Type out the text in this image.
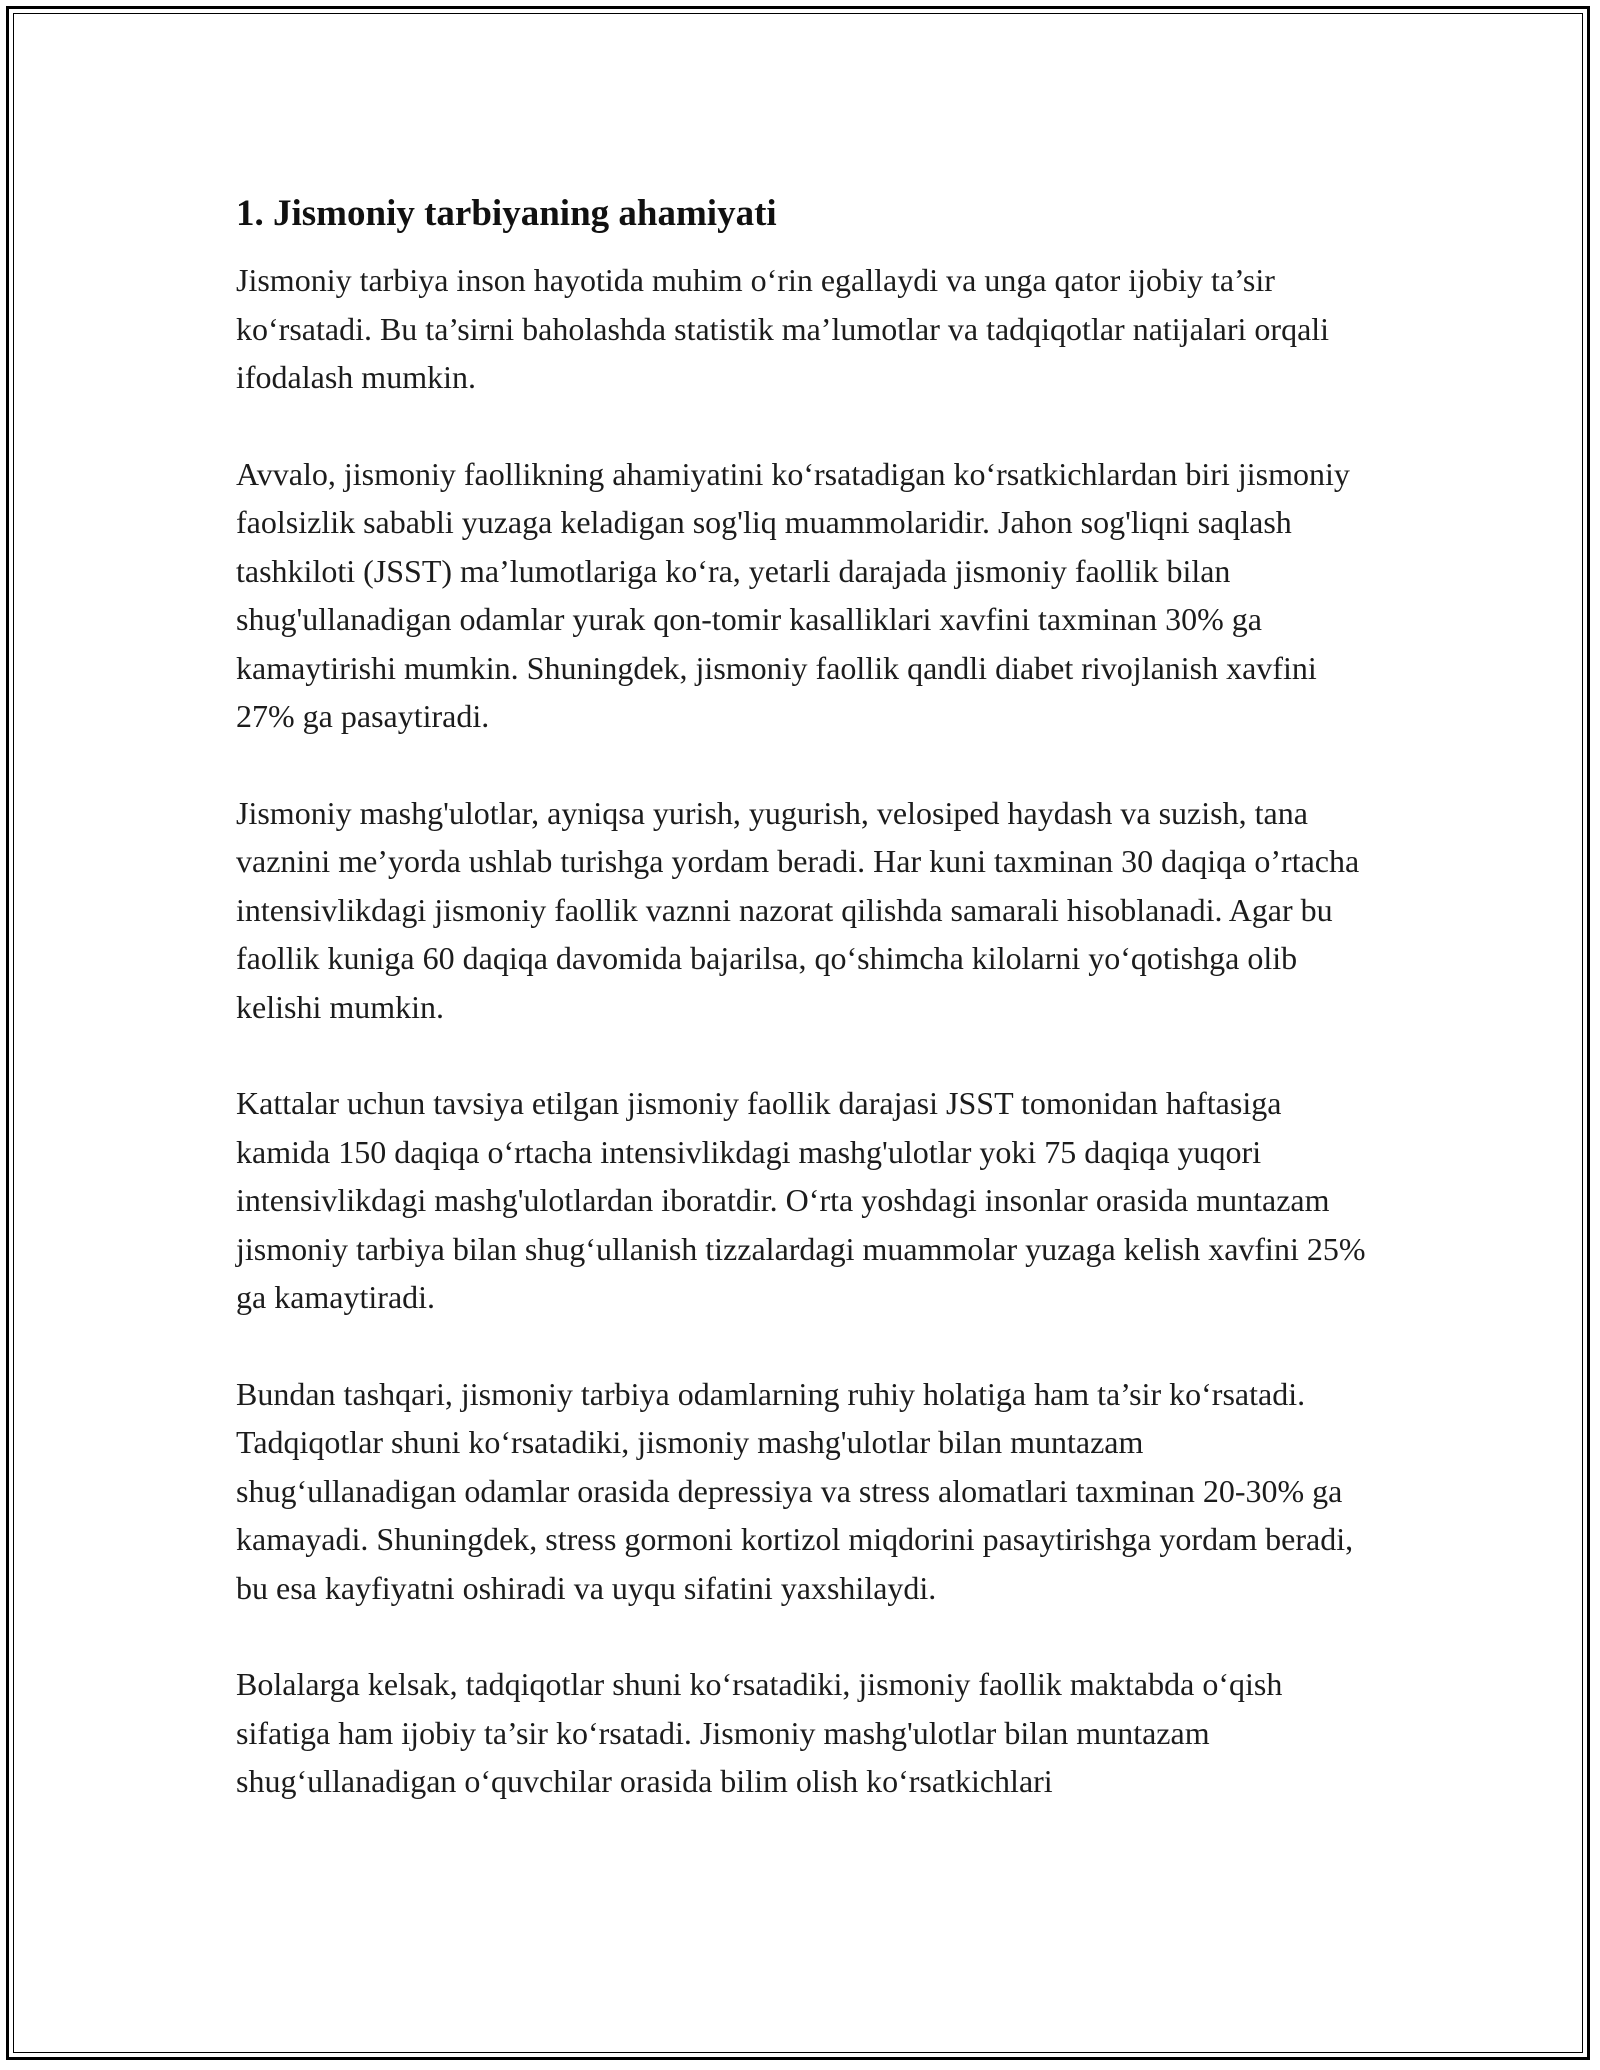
1. Jismoniy tarbiyaning ahamiyati

Jismoniy tarbiya inson hayotida muhim o‘rin egallaydi va unga qator ijobiy ta’sir ko‘rsatadi. Bu ta’sirni baholashda statistik ma’lumotlar va tadqiqotlar natijalari orqali ifodalash mumkin.

Avvalo, jismoniy faollikning ahamiyatini ko‘rsatadigan ko‘rsatkichlardan biri jismoniy faolsizlik sababli yuzaga keladigan sog'liq muammolaridir. Jahon sog'liqni saqlash tashkiloti (JSST) ma’lumotlariga ko‘ra, yetarli darajada jismoniy faollik bilan shug'ullanadigan odamlar yurak qon-tomir kasalliklari xavfini taxminan 30% ga kamaytirishi mumkin. Shuningdek, jismoniy faollik qandli diabet rivojlanish xavfini 27% ga pasaytiradi.

Jismoniy mashg'ulotlar, ayniqsa yurish, yugurish, velosiped haydash va suzish, tana vaznini me’yorda ushlab turishga yordam beradi. Har kuni taxminan 30 daqiqa o’rtacha intensivlikdagi jismoniy faollik vaznni nazorat qilishda samarali hisoblanadi. Agar bu faollik kuniga 60 daqiqa davomida bajarilsa, qo‘shimcha kilolarni yo‘qotishga olib kelishi mumkin.

Kattalar uchun tavsiya etilgan jismoniy faollik darajasi JSST tomonidan haftasiga kamida 150 daqiqa o‘rtacha intensivlikdagi mashg'ulotlar yoki 75 daqiqa yuqori intensivlikdagi mashg'ulotlardan iboratdir. O‘rta yoshdagi insonlar orasida muntazam jismoniy tarbiya bilan shug‘ullanish tizzalardagi muammolar yuzaga kelish xavfini 25% ga kamaytiradi.

Bundan tashqari, jismoniy tarbiya odamlarning ruhiy holatiga ham ta’sir ko‘rsatadi. Tadqiqotlar shuni ko‘rsatadiki, jismoniy mashg'ulotlar bilan muntazam shug‘ullanadigan odamlar orasida depressiya va stress alomatlari taxminan 20-30% ga kamayadi. Shuningdek, stress gormoni kortizol miqdorini pasaytirishga yordam beradi, bu esa kayfiyatni oshiradi va uyqu sifatini yaxshilaydi.

Bolalarga kelsak, tadqiqotlar shuni ko‘rsatadiki, jismoniy faollik maktabda o‘qish sifatiga ham ijobiy ta’sir ko‘rsatadi. Jismoniy mashg'ulotlar bilan muntazam shug‘ullanadigan o‘quvchilar orasida bilim olish ko‘rsatkichlari
